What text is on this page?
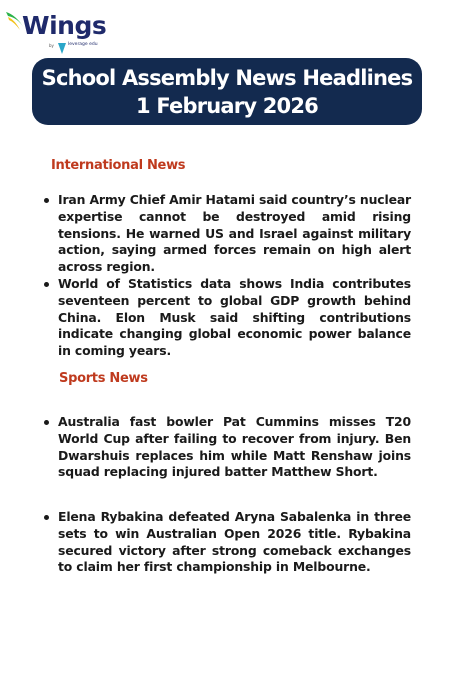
Wings
by	leverage edu
School Assembly News Headlines
1 February 2026
International News
Iran Army Chief Amir Hatami said country’s nuclear expertise cannot be destroyed amid rising tensions. He warned US and Israel against military action, saying armed forces remain on high alert across region.
World of Statistics data shows India contributes seventeen percent to global GDP growth behind China. Elon Musk said shifting contributions indicate changing global economic power balance in coming years.
Sports News
Australia fast bowler Pat Cummins misses T20 World Cup after failing to recover from injury. Ben Dwarshuis replaces him while Matt Renshaw joins squad replacing injured batter Matthew Short.
Elena Rybakina defeated Aryna Sabalenka in three sets to win Australian Open 2026 title. Rybakina secured victory after strong comeback exchanges to claim her first championship in Melbourne.
